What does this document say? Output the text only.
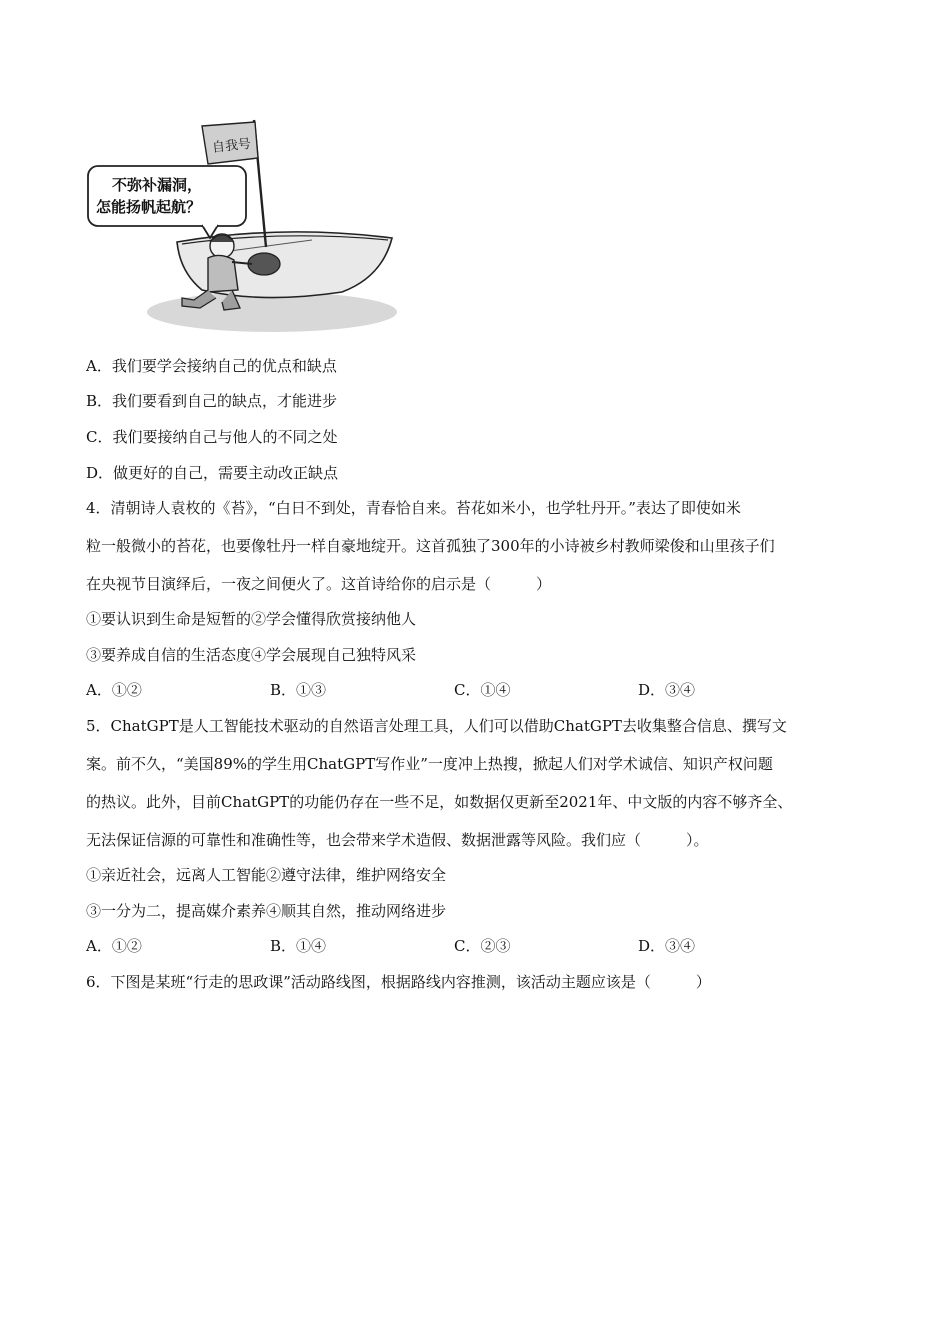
自我号
不弥补漏洞，
怎能扬帆起航？
A．我们要学会接纳自己的优点和缺点
B．我们要看到自己的缺点，才能进步
C．我们要接纳自己与他人的不同之处
D．做更好的自己，需要主动改正缺点
4．清朝诗人袁枚的《苔》，“白日不到处，青春恰自来。苔花如米小，也学牡丹开。”表达了即使如米
粒一般微小的苔花，也要像牡丹一样自豪地绽开。这首孤独了300年的小诗被乡村教师梁俊和山里孩子们
在央视节目演绎后，一夜之间便火了。这首诗给你的启示是（　　　）
①要认识到生命是短暂的②学会懂得欣赏接纳他人
③要养成自信的生活态度④学会展现自己独特风采
A．①②	B．①③	C．①④	D．③④
5．ChatGPT是人工智能技术驱动的自然语言处理工具，人们可以借助ChatGPT去收集整合信息、撰写文
案。前不久，“美国89%的学生用ChatGPT写作业”一度冲上热搜，掀起人们对学术诚信、知识产权问题
的热议。此外，目前ChatGPT的功能仍存在一些不足，如数据仅更新至2021年、中文版的内容不够齐全、
无法保证信源的可靠性和准确性等，也会带来学术造假、数据泄露等风险。我们应（　　　）。
①亲近社会，远离人工智能②遵守法律，维护网络安全
③一分为二，提高媒介素养④顺其自然，推动网络进步
A．①②	B．①④	C．②③	D．③④
6．下图是某班“行走的思政课”活动路线图，根据路线内容推测，该活动主题应该是（　　　）
